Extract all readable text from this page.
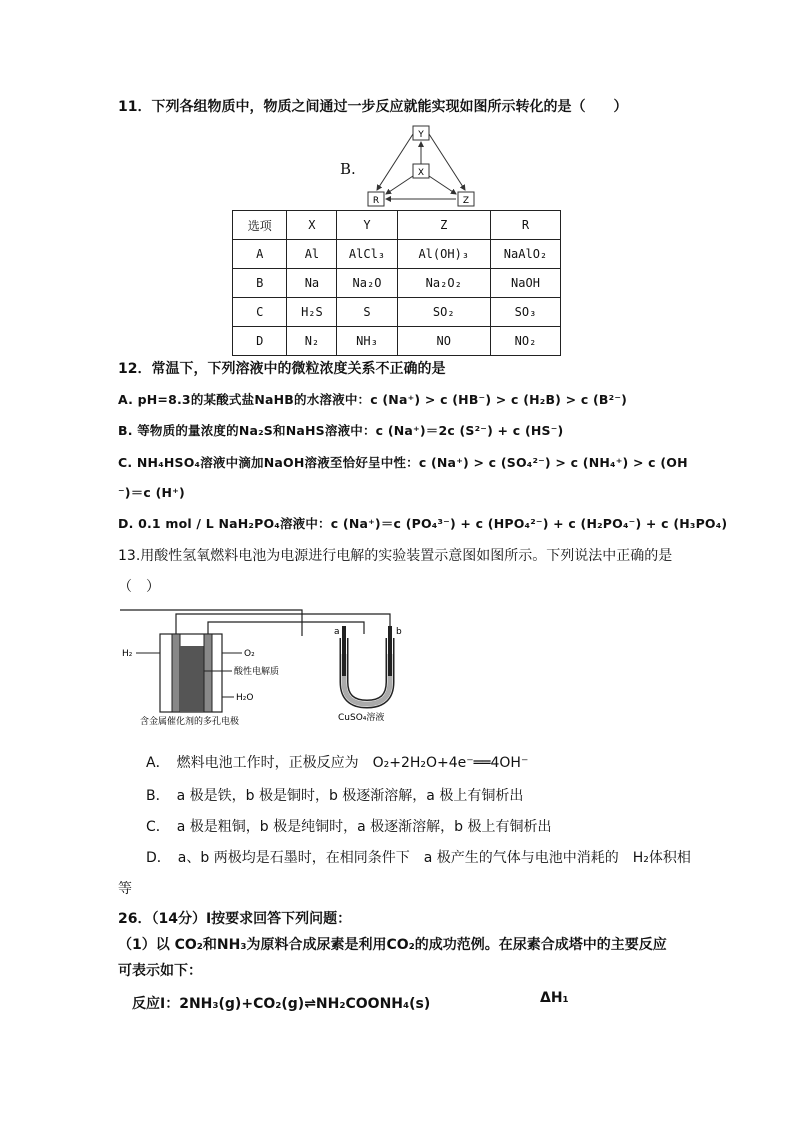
11．下列各组物质中，物质之间通过一步反应就能实现如图所示转化的是（　　）
B.
Y
X
R	Z
选项	X	Y	Z	R
A	Al	AlCl₃	Al(OH)₃	NaAlO₂
B	Na	Na₂O	Na₂O₂	NaOH
C	H₂S	S	SO₂	SO₃
D	N₂	NH₃	NO	NO₂
12．常温下，下列溶液中的微粒浓度关系不正确的是
A. pH=8.3的某酸式盐NaHB的水溶液中：c (Na⁺) > c (HB⁻) > c (H₂B) > c (B²⁻)
B. 等物质的量浓度的Na₂S和NaHS溶液中：c (Na⁺)＝2c (S²⁻) + c (HS⁻)
C. NH₄HSO₄溶液中滴加NaOH溶液至恰好呈中性：c (Na⁺) > c (SO₄²⁻) > c (NH₄⁺) > c (OH
⁻)＝c (H⁺)
D. 0.1 mol / L NaH₂PO₄溶液中：c (Na⁺)＝c (PO₄³⁻) + c (HPO₄²⁻) + c (H₂PO₄⁻) + c (H₃PO₄)
13.用酸性氢氧燃料电池为电源进行电解的实验装置示意图如图所示。下列说法中正确的是
（　）
H₂	O₂
酸性电解质
H₂O
含金属催化剂的多孔电极
a	b
CuSO₄溶液
A．　燃料电池工作时，正极反应为　O₂+2H₂O+4e⁻══4OH⁻
B．　a 极是铁，b 极是铜时，b 极逐渐溶解，a 极上有铜析出
C．　a 极是粗铜，b 极是纯铜时，a 极逐渐溶解，b 极上有铜析出
D．　a、b 两极均是石墨时，在相同条件下　a 极产生的气体与电池中消耗的　H₂体积相
等
26．（14分）Ⅰ按要求回答下列问题：
（1）以 CO₂和NH₃为原料合成尿素是利用CO₂的成功范例。在尿素合成塔中的主要反应
可表示如下：
反应Ⅰ：2NH₃(g)+CO₂(g)⇌NH₂COONH₄(s)	ΔH₁
